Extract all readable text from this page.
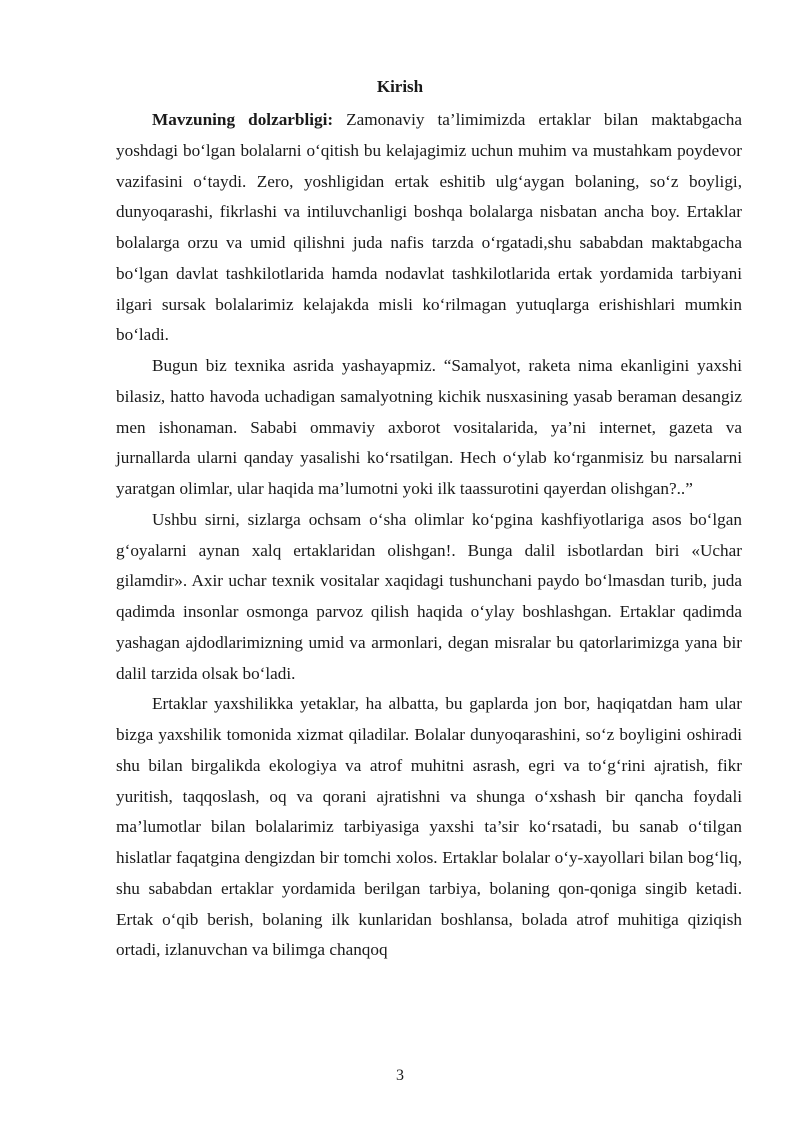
Kirish

Mavzuning dolzarbligi: Zamonaviy ta’limimizda ertaklar bilan maktabgacha yoshdagi bo‘lgan bolalarni o‘qitish bu kelajagimiz uchun muhim va mustahkam poydevor vazifasini o‘taydi. Zero, yoshligidan ertak eshitib ulg‘aygan bolaning, so‘z boyligi, dunyoqarashi, fikrlashi va intiluvchanligi boshqa bolalarga nisbatan ancha boy. Ertaklar bolalarga orzu va umid qilishni juda nafis tarzda o‘rgatadi,shu sababdan maktabgacha bo‘lgan davlat tashkilotlarida hamda nodavlat tashkilotlarida ertak yordamida tarbiyani ilgari sursak bolalarimiz kelajakda misli ko‘rilmagan yutuqlarga erishishlari mumkin bo‘ladi.

Bugun biz texnika asrida yashayapmiz. “Samalyot, raketa nima ekanligini yaxshi bilasiz, hatto havoda uchadigan samalyotning kichik nusxasining yasab beraman desangiz men ishonaman. Sababi ommaviy axborot vositalarida, ya’ni internet, gazeta va jurnallarda ularni qanday yasalishi ko‘rsatilgan. Hech o‘ylab ko‘rganmisiz bu narsalarni yaratgan olimlar, ular haqida ma’lumotni yoki ilk taassurotini qayerdan olishgan?..”

Ushbu sirni, sizlarga ochsam o‘sha olimlar ko‘pgina kashfiyotlariga asos bo‘lgan g‘oyalarni aynan xalq ertaklaridan olishgan!. Bunga dalil isbotlardan biri «Uchar gilamdir». Axir uchar texnik vositalar xaqidagi tushunchani paydo bo‘lmasdan turib, juda qadimda insonlar osmonga parvoz qilish haqida o‘ylay boshlashgan. Ertaklar qadimda yashagan ajdodlarimizning umid va armonlari, degan misralar bu qatorlarimizga yana bir dalil tarzida olsak bo‘ladi.

Ertaklar yaxshilikka yetaklar, ha albatta, bu gaplarda jon bor, haqiqatdan ham ular bizga yaxshilik tomonida xizmat qiladilar. Bolalar dunyoqarashini, so‘z boyligini oshiradi shu bilan birgalikda ekologiya va atrof muhitni asrash, egri va to‘g‘rini ajratish, fikr yuritish, taqqoslash, oq va qorani ajratishni va shunga o‘xshash bir qancha foydali ma’lumotlar bilan bolalarimiz tarbiyasiga yaxshi ta’sir ko‘rsatadi, bu sanab o‘tilgan hislatlar faqatgina dengizdan bir tomchi xolos. Ertaklar bolalar o‘y-xayollari bilan bog‘liq, shu sababdan ertaklar yordamida berilgan tarbiya, bolaning qon-qoniga singib ketadi. Ertak o‘qib berish, bolaning ilk kunlaridan boshlansa, bolada atrof muhitiga qiziqish ortadi, izlanuvchan va bilimga chanqoq

3
